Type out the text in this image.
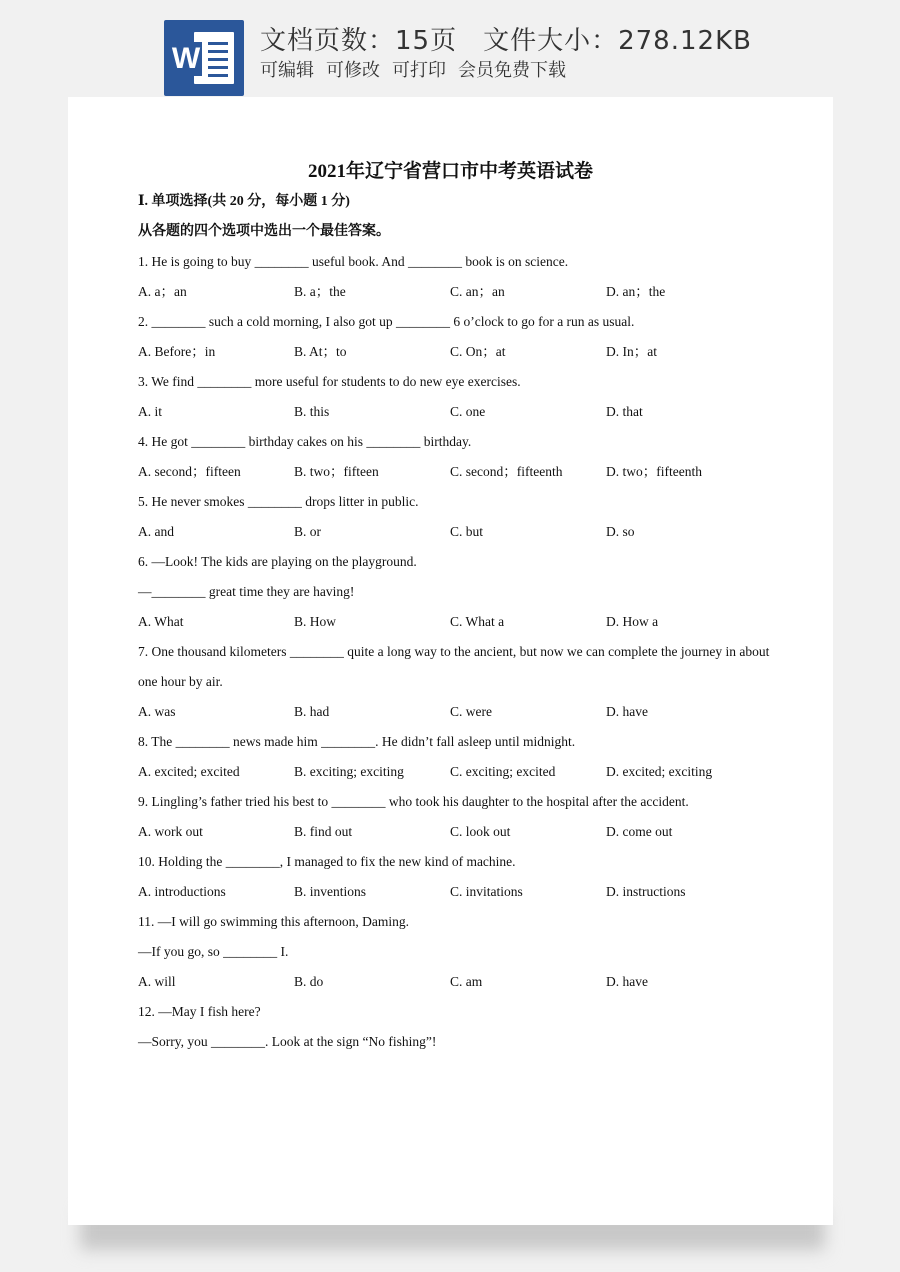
W
文档页数：15页 文件大小：278.12KB
可编辑 可修改 可打印 会员免费下载
2021年辽宁省营口市中考英语试卷
Ⅰ. 单项选择(共 20 分，每小题 1 分)
从各题的四个选项中选出一个最佳答案。
1. He is going to buy ________ useful book. And ________ book is on science.
A. a；an	B. a；the	C. an；an	D. an；the
2. ________ such a cold morning, I also got up ________ 6 o’clock to go for a run as usual.
A. Before；in	B. At；to	C. On；at	D. In；at
3. We find ________ more useful for students to do new eye exercises.
A. it	B. this	C. one	D. that
4. He got ________ birthday cakes on his ________ birthday.
A. second；fifteen	B. two；fifteen	C. second；fifteenth	D. two；fifteenth
5. He never smokes ________ drops litter in public.
A. and	B. or	C. but	D. so
6. —Look! The kids are playing on the playground.
—________ great time they are having!
A. What	B. How	C. What a	D. How a
7. One thousand kilometers ________ quite a long way to the ancient, but now we can complete the journey in about
one hour by air.
A. was	B. had	C. were	D. have
8. The ________ news made him ________. He didn’t fall asleep until midnight.
A. excited; excited	B. exciting; exciting	C. exciting; excited	D. excited; exciting
9. Lingling’s father tried his best to ________ who took his daughter to the hospital after the accident.
A. work out	B. find out	C. look out	D. come out
10. Holding the ________, I managed to fix the new kind of machine.
A. introductions	B. inventions	C. invitations	D. instructions
11. —I will go swimming this afternoon, Daming.
—If you go, so ________ I.
A. will	B. do	C. am	D. have
12. —May I fish here?
—Sorry, you ________. Look at the sign “No fishing”!
